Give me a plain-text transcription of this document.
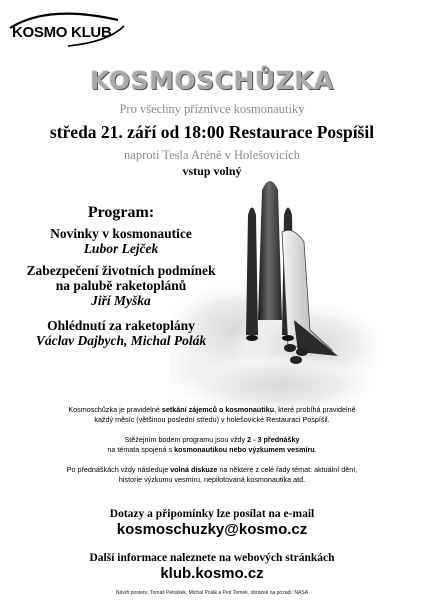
KOSMO KLUB
KOSMOSCHŮZKA
Pro všechny příznivce kosmonautiky
středa 21. září od 18:00 Restaurace Pospíšil
naproti Tesla Aréně v Holešovicích
vstup volný
Program:
Novinky v kosmonautice
Lubor Lejček
Zabezpečení životních podmínek
na palubě raketoplánů
Jiří Myška
Ohlédnutí za raketoplány
Václav Dajbych, Michal Polák
Kosmoschůzka je pravidelné setkání zájemců o kosmonautiku, které probíhá pravidelně
každý měsíc (většinou poslední středu) v holešovické Restauraci Pospíšil.
Stěžejním bodem programu jsou vždy 2 - 3 přednášky
na témata spojená s kosmonautikou nebo výzkumem vesmíru.
Po přednáškách vždy následuje volná diskuze na některé z celé řady témat: aktuální dění,
historie výzkumu vesmíru, nepilotovaná kosmonautika atd.
Dotazy a připomínky lze posílat na e-mail
kosmoschuzky@kosmo.cz
Další informace naleznete na webových stránkách
klub.kosmo.cz
Návrh posteru: Tomáš Petrášek, Michal Polák a Petr Tomek, obrázek na pozadí: NASA
